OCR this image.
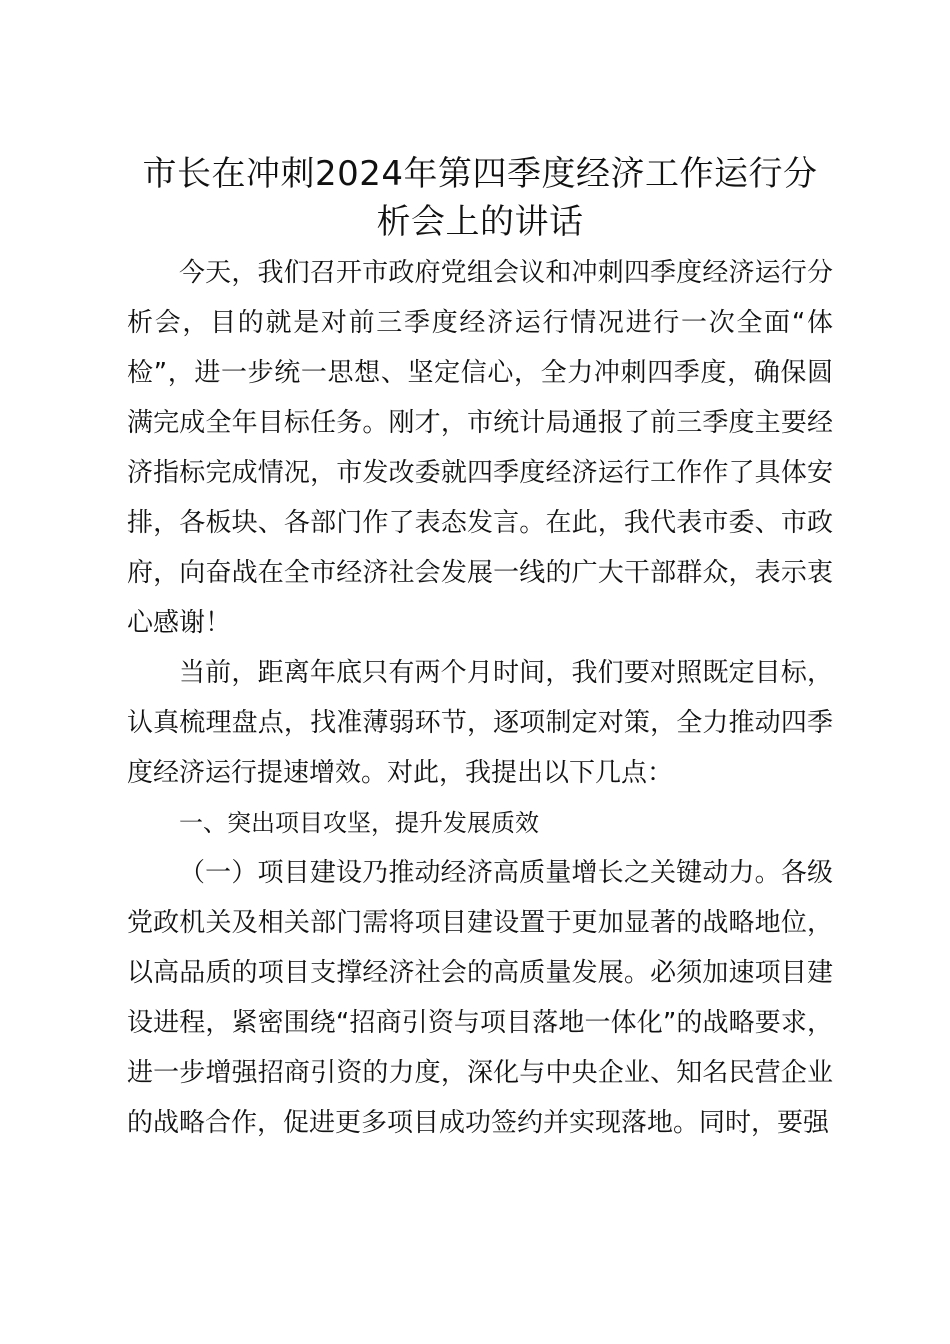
市长在冲刺2024年第四季度经济工作运行分
析会上的讲话

今天，我们召开市政府党组会议和冲刺四季度经济运行分析会，目的就是对前三季度经济运行情况进行一次全面“体检”，进一步统一思想、坚定信心，全力冲刺四季度，确保圆满完成全年目标任务。刚才，市统计局通报了前三季度主要经济指标完成情况，市发改委就四季度经济运行工作作了具体安排，各板块、各部门作了表态发言。在此，我代表市委、市政府，向奋战在全市经济社会发展一线的广大干部群众，表示衷心感谢！

当前，距离年底只有两个月时间，我们要对照既定目标，认真梳理盘点，找准薄弱环节，逐项制定对策，全力推动四季度经济运行提速增效。对此，我提出以下几点：

一、突出项目攻坚，提升发展质效

（一）项目建设乃推动经济高质量增长之关键动力。各级党政机关及相关部门需将项目建设置于更加显著的战略地位，以高品质的项目支撑经济社会的高质量发展。必须加速项目建设进程，紧密围绕“招商引资与项目落地一体化”的战略要求，进一步增强招商引资的力度，深化与中央企业、知名民营企业的战略合作，促进更多项目成功签约并实现落地。同时，要强
